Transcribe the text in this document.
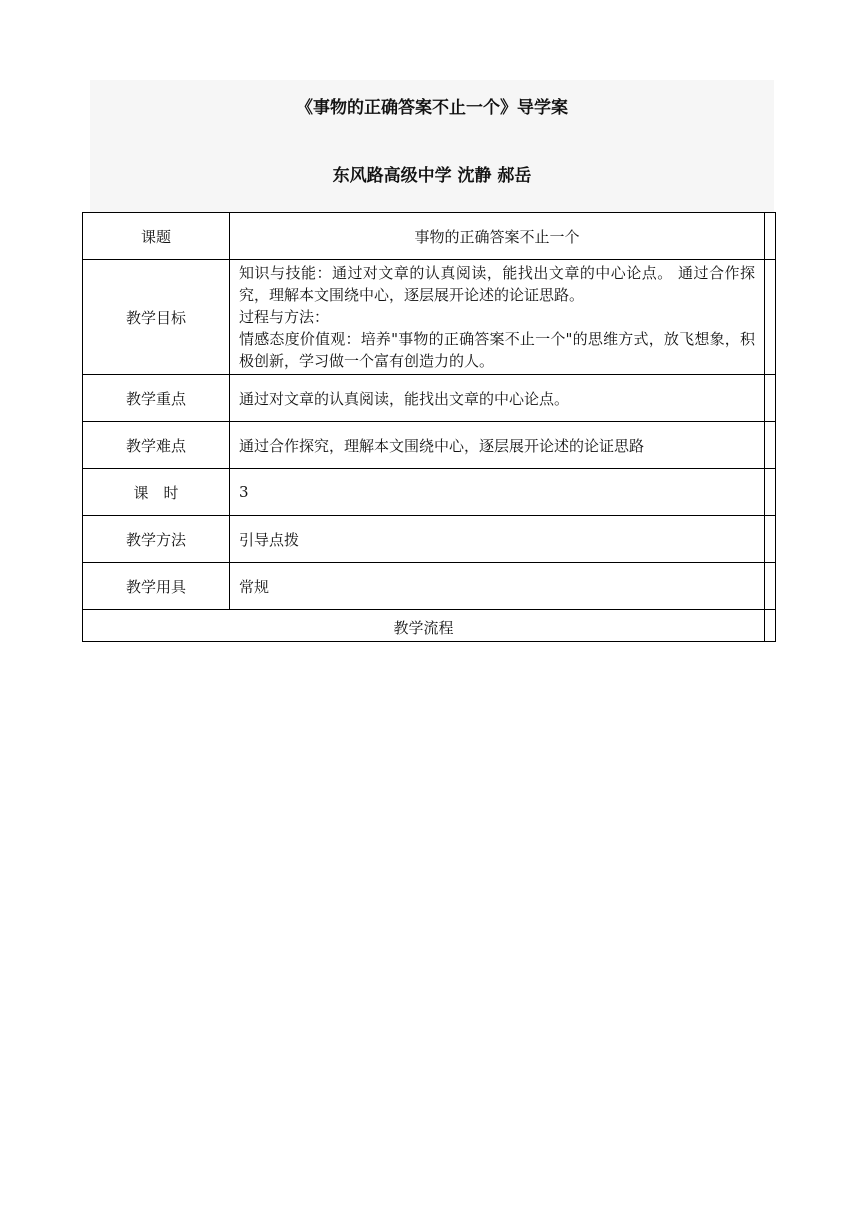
《事物的正确答案不止一个》导学案
东风路高级中学 沈静 郝岳
课题	事物的正确答案不止一个	
教学目标	知识与技能：通过对文章的认真阅读，能找出文章的中心论点。 通过合作探究，理解本文围绕中心，逐层展开论述的论证思路。
过程与方法：
情感态度价值观：培养"事物的正确答案不止一个"的思维方式，放飞想象，积极创新，学习做一个富有创造力的人。	

教学重点	通过对文章的认真阅读，能找出文章的中心论点。	
教学难点	通过合作探究，理解本文围绕中心，逐层展开论述的论证思路	
课　时	3	
教学方法	引导点拨	
教学用具	常规	
教学流程		
